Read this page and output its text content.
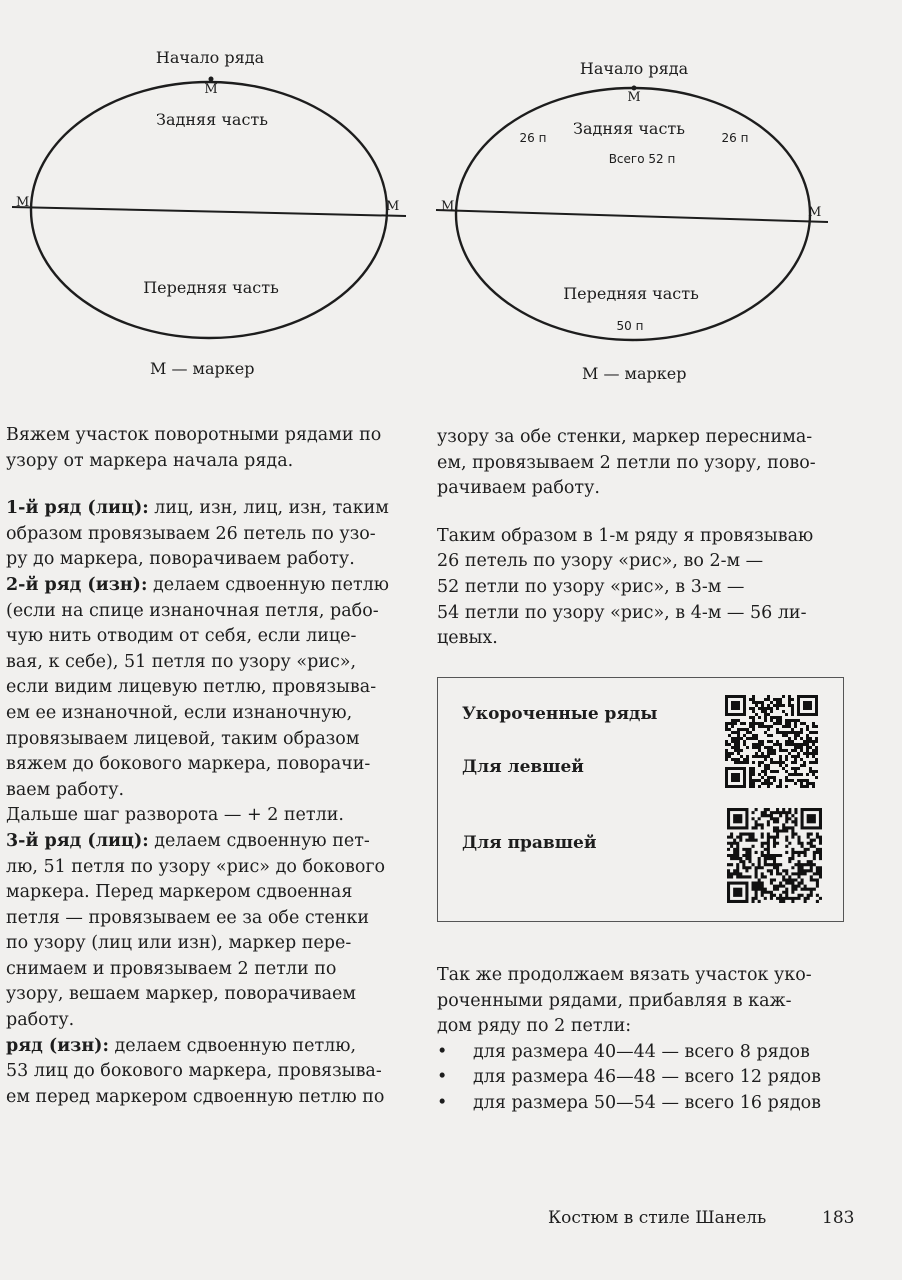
Начало ряда
М
Задняя часть
М	М
Передняя часть
М — маркер
Начало ряда
М
Задняя часть
26 п	26 п
Всего 52 п
М	М
Передняя часть
50 п
М — маркер

Вяжем участок поворотными рядами по

узору от маркера начала ряда.

1-й ряд (лиц): лиц, изн, лиц, изн, таким

образом провязываем 26 петель по узо-

ру до маркера, поворачиваем работу.

2-й ряд (изн): делаем сдвоенную петлю

(если на спице изнаночная петля, рабо-

чую нить отводим от себя, если лице-

вая, к себе), 51 петля по узору «рис»,

если видим лицевую петлю, провязыва-

ем ее изнаночной, если изнаночную,

провязываем лицевой, таким образом

вяжем до бокового маркера, поворачи-

ваем работу.

Дальше шаг разворота — + 2 петли.

3-й ряд (лиц): делаем сдвоенную пет-

лю, 51 петля по узору «рис» до бокового

маркера. Перед маркером сдвоенная

петля — провязываем ее за обе стенки

по узору (лиц или изн), маркер пере-

снимаем и провязываем 2 петли по

узору, вешаем маркер, поворачиваем

работу.

ряд (изн): делаем сдвоенную петлю,

53 лиц до бокового маркера, провязыва-

ем перед маркером сдвоенную петлю по

узору за обе стенки, маркер переснима-

ем, провязываем 2 петли по узору, пово-

рачиваем работу.

Таким образом в 1-м ряду я провязываю

26 петель по узору «рис», во 2-м —

52 петли по узору «рис», в 3-м —

54 петли по узору «рис», в 4-м — 56 ли-

цевых.

Укороченные ряды
Для левшей
Для правшей

Так же продолжаем вязать участок уко-

роченными рядами, прибавляя в каж-

дом ряду по 2 петли:

• для размера 40—44 — всего 8 рядов
• для размера 46—48 — всего 12 рядов
• для размера 50—54 — всего 16 рядов
Костюм в стиле Шанель	183
